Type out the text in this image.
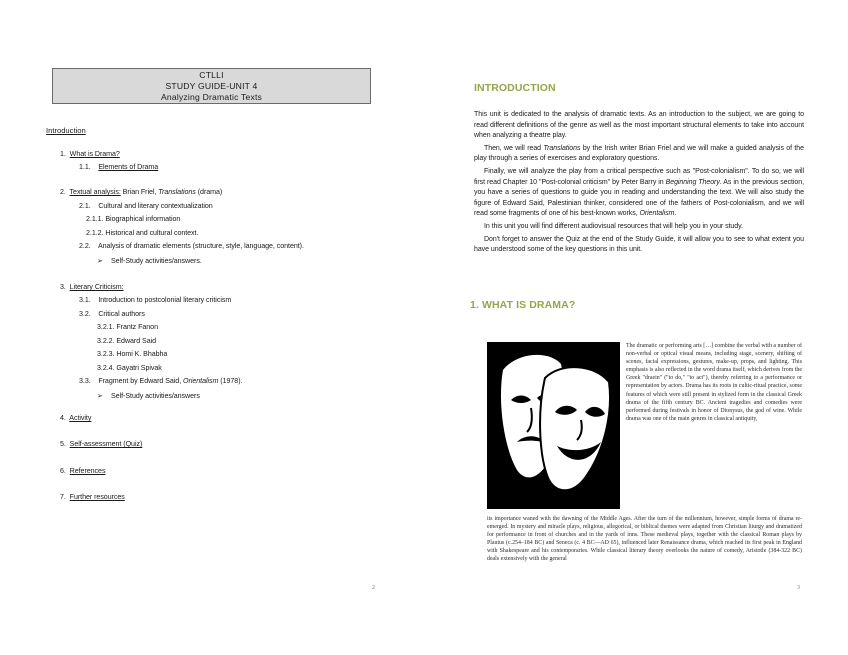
CTLLI
STUDY GUIDE-UNIT 4
Analyzing Dramatic Texts
Introduction
1. What is Drama?
1.1. Elements of Drama
2. Textual analysis: Brian Friel, Translations (drama)
2.1. Cultural and literary contextualization
2.1.1. Biographical information
2.1.2. Historical and cultural context.
2.2. Analysis of dramatic elements (structure, style, language, content).
➢ Self-Study activities/answers.
3. Literary Criticism:
3.1. Introduction to postcolonial literary criticism
3.2. Critical authors
3.2.1. Frantz Fanon
3.2.2. Edward Said
3.2.3. Homi K. Bhabha
3.2.4. Gayatri Spivak
3.3. Fragment by Edward Said, Orientalism (1978).
➢ Self-Study activities/answers
4. Activity
5. Self-assessment (Quiz)
6. References
7. Further resources
2
INTRODUCTION

This unit is dedicated to the analysis of dramatic texts. As an introduction to the subject, we are going to read different definitions of the genre as well as the most important structural elements to take into account when analyzing a theatre play.

Then, we will read Translations by the Irish writer Brian Friel and we will make a guided analysis of the play through a series of exercises and exploratory questions.

Finally, we will analyze the play from a critical perspective such as "Post-colonialism". To do so, we will first read Chapter 10 "Post-colonial criticism" by Peter Barry in Beginning Theory. As in the previous section, you have a series of questions to guide you in reading and understanding the text. We will also study the figure of Edward Said, Palestinian thinker, considered one of the fathers of Post-colonialism, and we will read some fragments of one of his best-known works, Orientalism.

In this unit you will find different audiovisual resources that will help you in your study.

Don't forget to answer the Quiz at the end of the Study Guide, it will allow you to see to what extent you have understood some of the key questions in this unit.

1. WHAT IS DRAMA?
The dramatic or performing arts […] combine the verbal with a number of non-verbal or optical visual means, including stage, scenery, shifting of scenes, facial expressions, gestures, make-up, props, and lighting. This emphasis is also reflected in the word drama itself, which derives from the Greek "draein" ("to do," "to act"), thereby referring to a performance or representation by actors. Drama has its roots in cultic-ritual practice, some features of which were still present in stylized form in the classical Greek drama of the fifth century BC. Ancient tragedies and comedies were performed during festivals in honor of Dionysus, the god of wine. While drama was one of the main genres in classical antiquity,
its importance waned with the dawning of the Middle Ages. After the turn of the millennium, however, simple forms of drama re-emerged. In mystery and miracle plays, religious, allegorical, or biblical themes were adapted from Christian liturgy and dramatized for performance in front of churches and in the yards of inns. These medieval plays, together with the classical Roman plays by Plautus (c.254–184 BC) and Seneca (c. 4 BC—AD 65), influenced later Renaissance drama, which reached its first peak in England with Shakespeare and his contemporaries. While classical literary theory overlooks the nature of comedy, Aristotle (384-322 BC) deals extensively with the general
3
